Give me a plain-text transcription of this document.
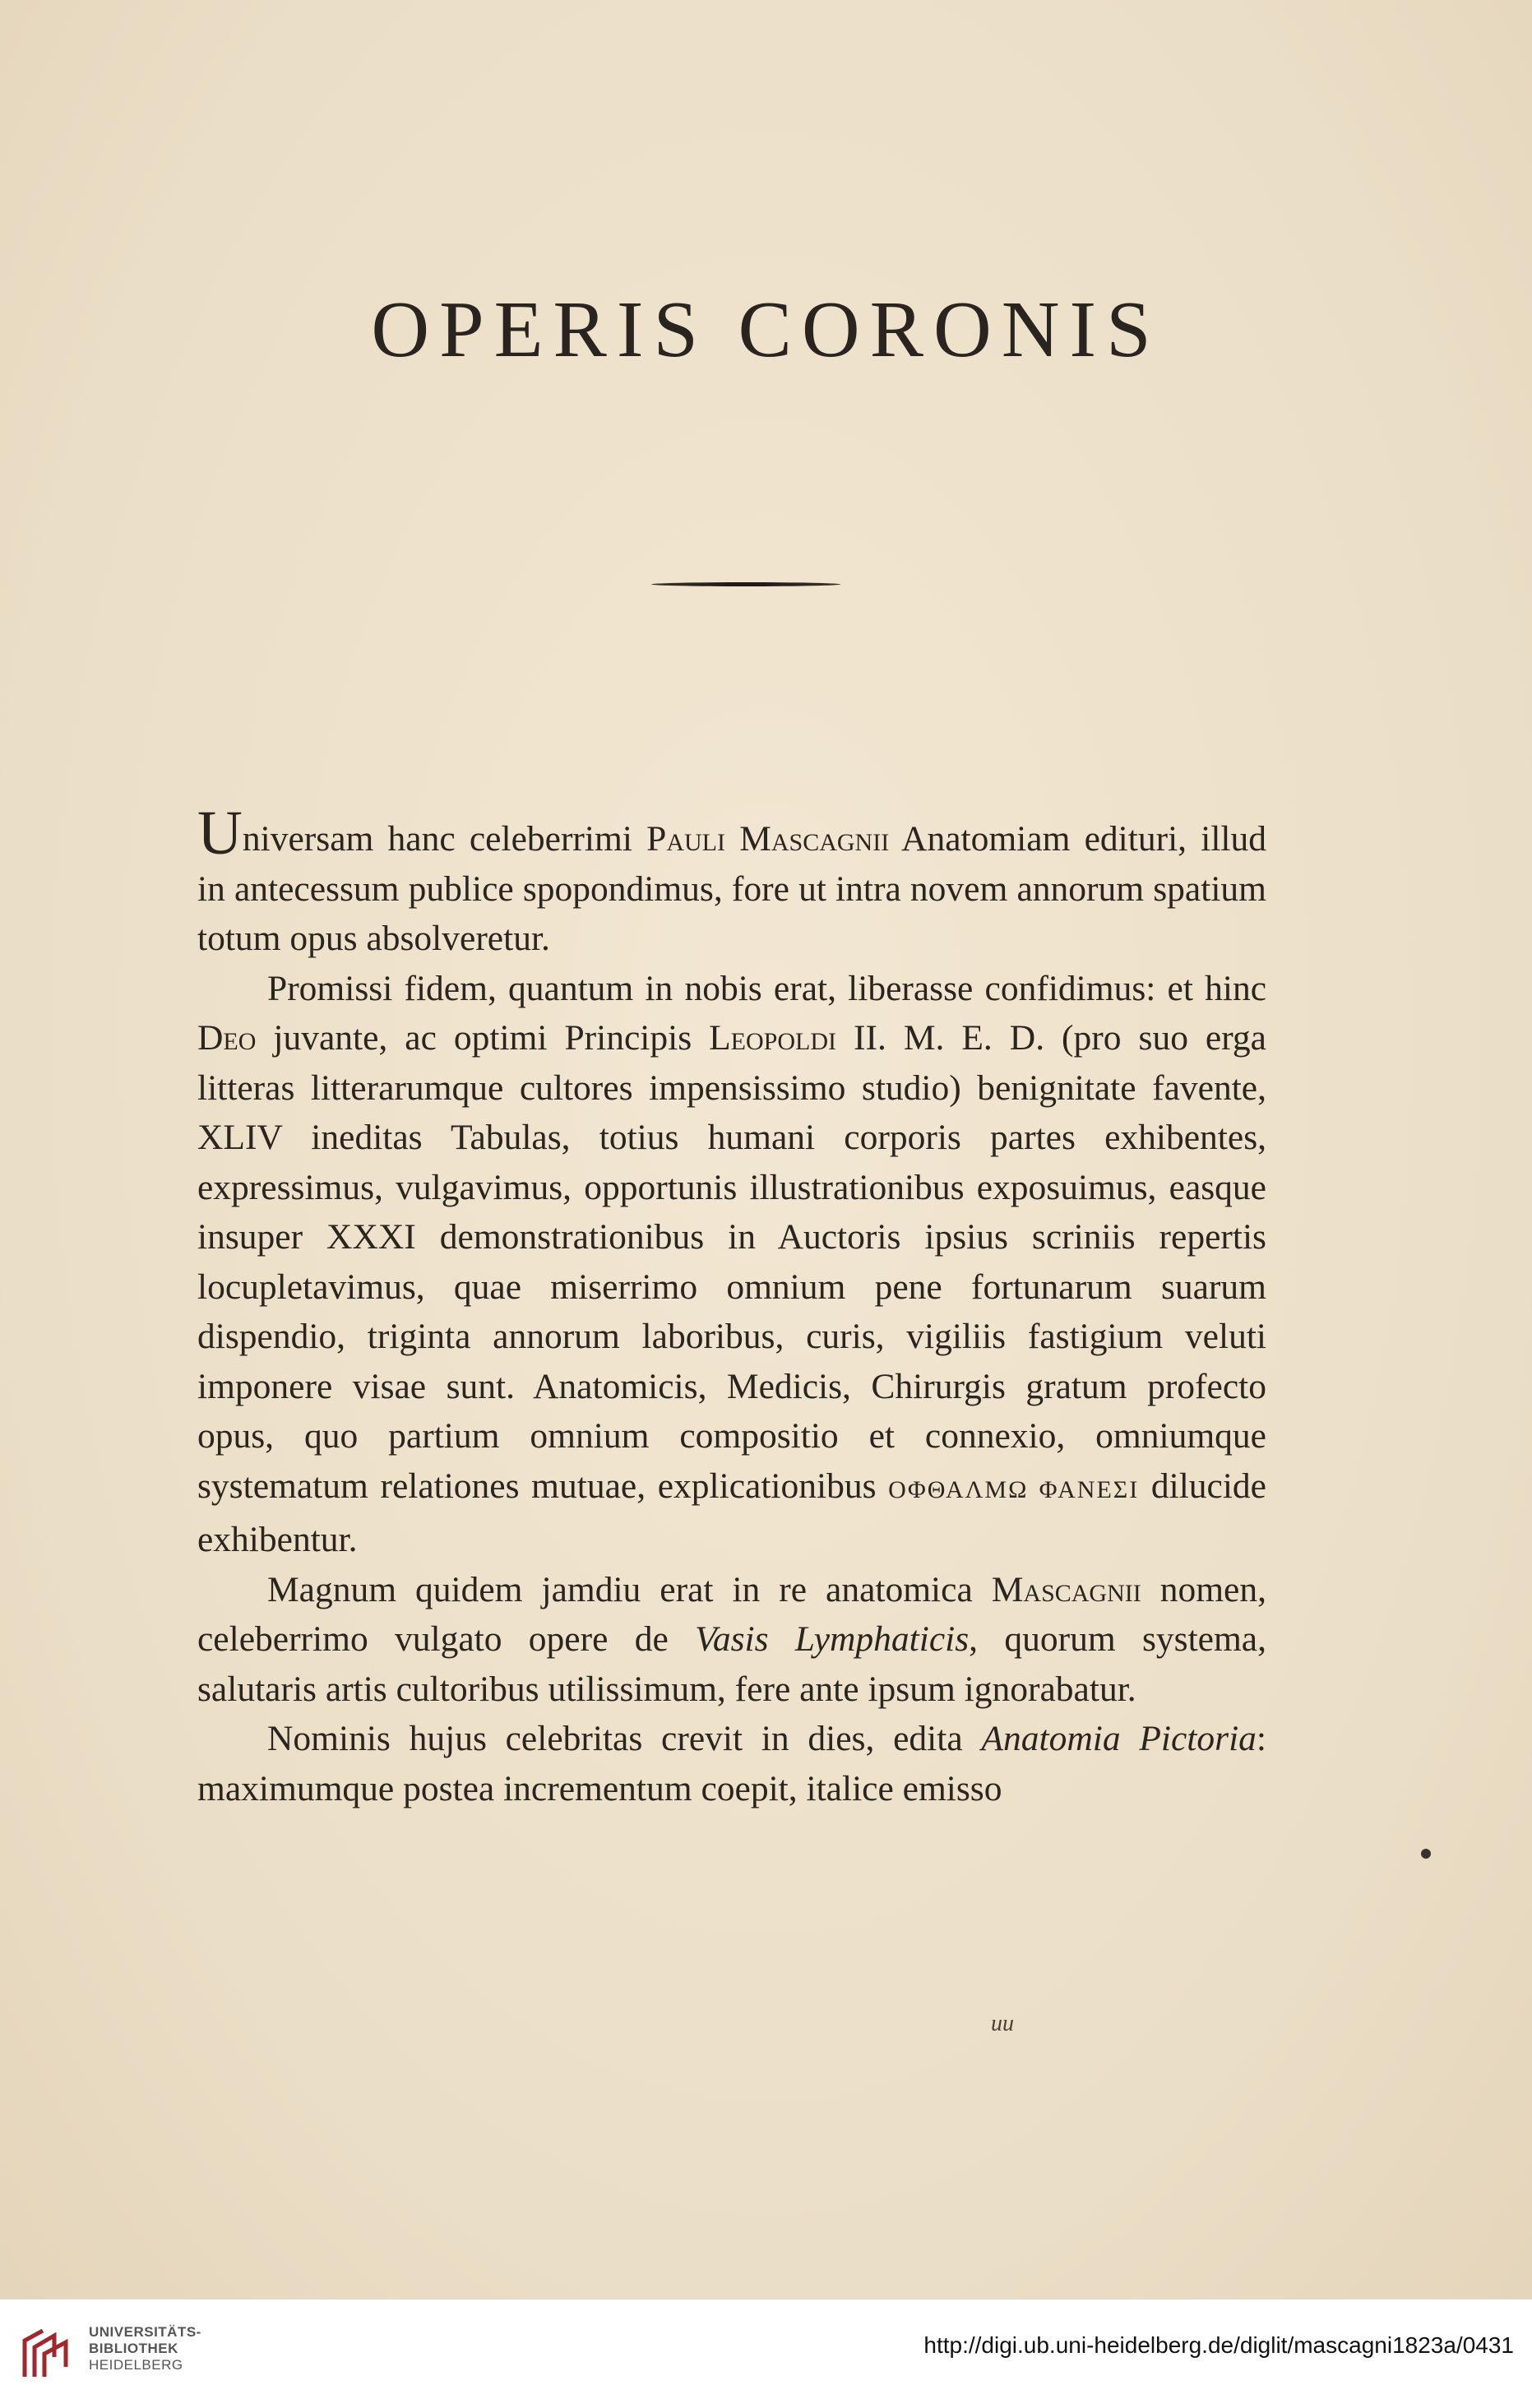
OPERIS CORONIS

Universam hanc celeberrimi Pauli Mascagnii Anatomiam edituri, illud in antecessum publice spopondimus, fore ut intra novem annorum spatium totum opus absolveretur.

Promissi fidem, quantum in nobis erat, liberasse confidimus: et hinc Deo juvante, ac optimi Principis Leopoldi II. M. E. D. (pro suo erga litteras litterarumque cultores impensissimo studio) benignitate favente, XLIV ineditas Tabulas, totius humani corporis partes exhibentes, expressimus, vulgavimus, opportunis illustrationibus exposuimus, easque insuper XXXI demonstrationibus in Auctoris ipsius scriniis repertis locupletavimus, quae miserrimo omnium pene fortunarum suarum dispendio, triginta annorum laboribus, curis, vigiliis fastigium veluti imponere visae sunt. Anatomicis, Medicis, Chirurgis gratum profecto opus, quo partium omnium compositio et connexio, omniumque systematum relationes mutuae, explicationibus ΟΦΘΑΛΜΩ ΦΑΝΕΣΙ dilucide exhibentur.

Magnum quidem jamdiu erat in re anatomica Mascagnii nomen, celeberrimo vulgato opere de Vasis Lymphaticis, quorum systema, salutaris artis cultoribus utilissimum, fere ante ipsum ignorabatur.

Nominis hujus celebritas crevit in dies, edita Anatomia Pictoria: maximumque postea incrementum coepit, italice emisso

uu
UNIVERSITÄTS-
BIBLIOTHEK
HEIDELBERG
http://digi.ub.uni-heidelberg.de/diglit/mascagni1823a/0431
